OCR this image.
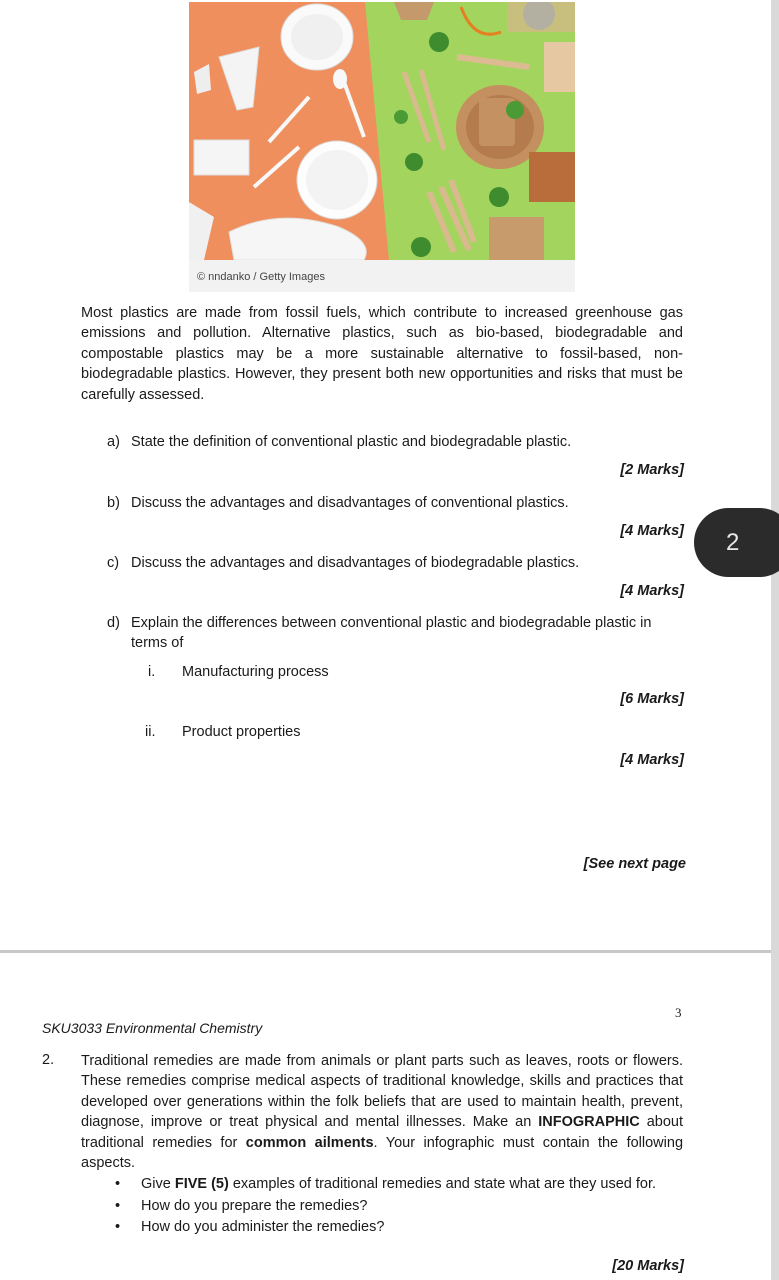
© nndanko / Getty Images

Most plastics are made from fossil fuels, which contribute to increased greenhouse gas emissions and pollution. Alternative plastics, such as bio-based, biodegradable and compostable plastics may be a more sustainable alternative to fossil-based, non-biodegradable plastics. However, they present both new opportunities and risks that must be carefully assessed.

a) State the definition of conventional plastic and biodegradable plastic.
[2 Marks]
b) Discuss the advantages and disadvantages of conventional plastics.
[4 Marks]
c) Discuss the advantages and disadvantages of biodegradable plastics.
[4 Marks]
d) Explain the differences between conventional plastic and biodegradable plastic in
terms of
i. Manufacturing process
[6 Marks]
ii. Product properties
[4 Marks]
2
[See next page
3
SKU3033 Environmental Chemistry
2. Traditional remedies are made from animals or plant parts such as leaves, roots or flowers. These remedies comprise medical aspects of traditional knowledge, skills and practices that developed over generations within the folk beliefs that are used to maintain health, prevent, diagnose, improve or treat physical and mental illnesses. Make an INFOGRAPHIC about traditional remedies for common ailments. Your infographic must contain the following aspects.

• Give FIVE (5) examples of traditional remedies and state what are they used for.
• How do you prepare the remedies?
• How do you administer the remedies?
[20 Marks]
